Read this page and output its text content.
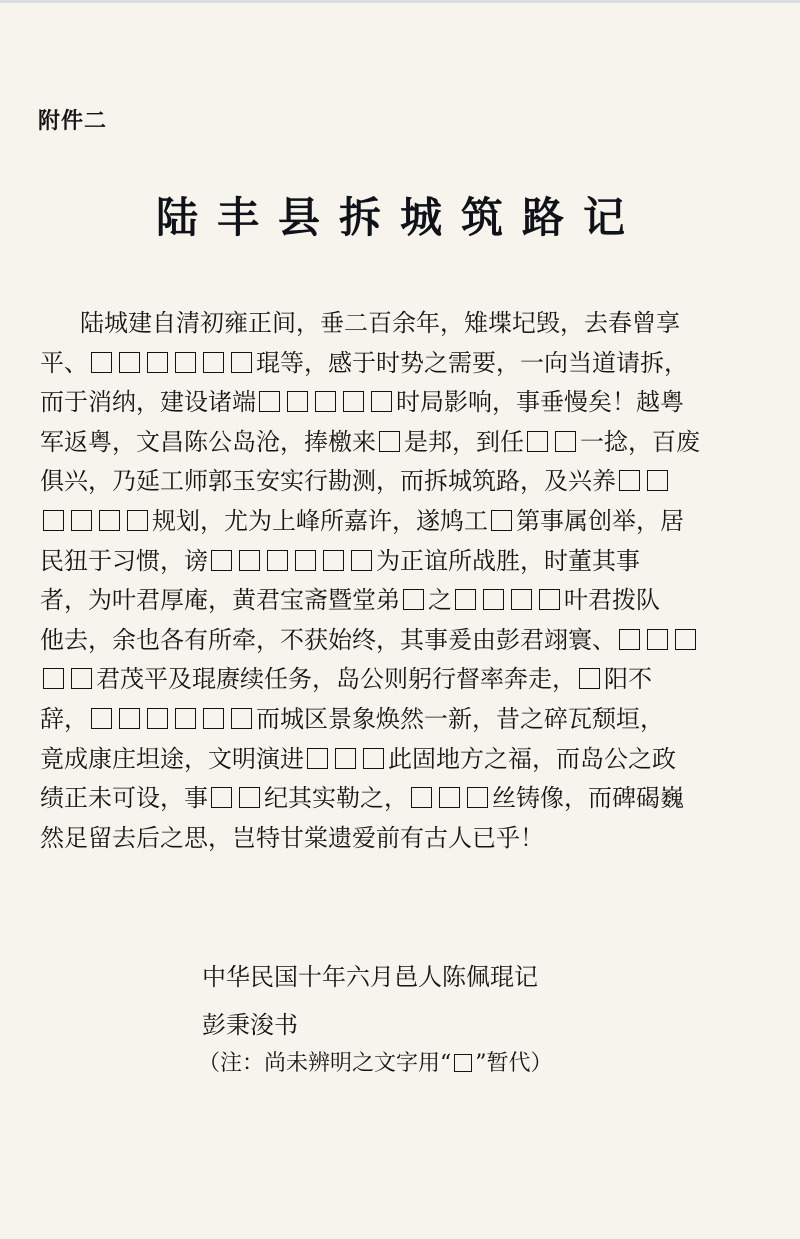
附件二
陆丰县拆城筑路记
陆城建自清初雍正间，垂二百余年，雉堞圮毁，去春曾享
平、	琨等，感于时势之需要，一向当道请拆，
而于消纳，建设诸端	时局影响，事垂慢矣！越粤
军返粤，文昌陈公岛沧，捧檄来 是邦，到任 一捻，百废
俱兴，乃延工师郭玉安实行勘测，而拆城筑路，及兴养
规划，尤为上峰所嘉许，遂鸠工 第事属创举，居
民狃于习惯，谤	为正谊所战胜，时董其事
者，为叶君厚庵，黄君宝斋暨堂弟 之	叶君拨队
他去，余也各有所牵，不获始终，其事爰由彭君翊寰、
君茂平及琨赓续任务，岛公则躬行督率奔走， 阳不
辞，	而城区景象焕然一新，昔之碎瓦颓垣，
竟成康庄坦途，文明演进	此固地方之福，而岛公之政
绩正未可设，事 纪其实勒之，	丝铸像，而碑碣巍
然足留去后之思，岂特甘棠遗爱前有古人已乎！
中华民国十年六月邑人陈佩琨记
彭秉浚书
（注：尚未辨明之文字用“ ”暂代）
